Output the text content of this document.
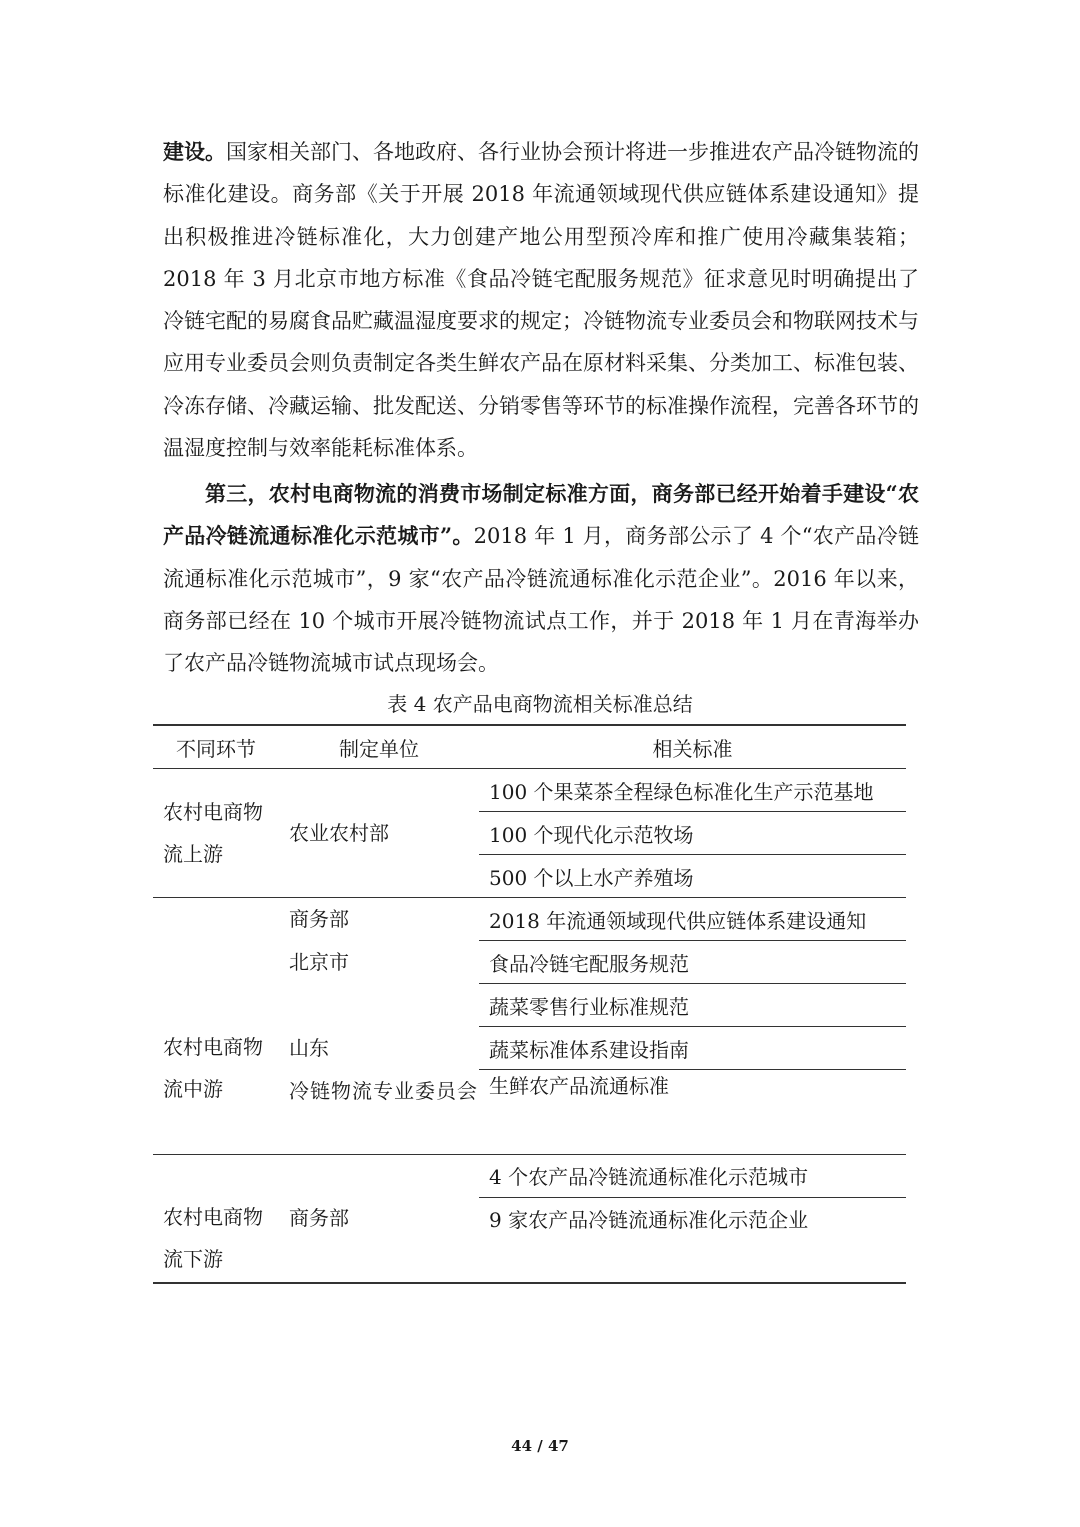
建设。国家相关部门、各地政府、各行业协会预计将进一步推进农产品冷链物流的标准化建设。商务部《关于开展 2018 年流通领域现代供应链体系建设通知》提出积极推进冷链标准化，大力创建产地公用型预冷库和推广使用冷藏集装箱；2018 年 3 月北京市地方标准《食品冷链宅配服务规范》征求意见时明确提出了冷链宅配的易腐食品贮藏温湿度要求的规定；冷链物流专业委员会和物联网技术与应用专业委员会则负责制定各类生鲜农产品在原材料采集、分类加工、标准包装、冷冻存储、冷藏运输、批发配送、分销零售等环节的标准操作流程，完善各环节的温湿度控制与效率能耗标准体系。

第三，农村电商物流的消费市场制定标准方面，商务部已经开始着手建设“农产品冷链流通标准化示范城市”。2018 年 1 月，商务部公示了 4 个“农产品冷链流通标准化示范城市”，9 家“农产品冷链流通标准化示范企业”。2016 年以来，商务部已经在 10 个城市开展冷链物流试点工作，并于 2018 年 1 月在青海举办了农产品冷链物流城市试点现场会。

表 4 农产品电商物流相关标准总结
不同环节	制定单位	相关标准
农村电商物流上游	农业农村部	100 个果菜茶全程绿色标准化生产示范基地
		100 个现代化示范牧场
		500 个以上水产养殖场
农村电商物流中游	商务部	2018 年流通领域现代供应链体系建设通知
	北京市	食品冷链宅配服务规范
		蔬菜零售行业标准规范
	山东	蔬菜标准体系建设指南
	冷链物流专业委员会	生鲜农产品流通标准
农村电商物流下游	商务部	4 个农产品冷链流通标准化示范城市
		9 家农产品冷链流通标准化示范企业

44 / 47
